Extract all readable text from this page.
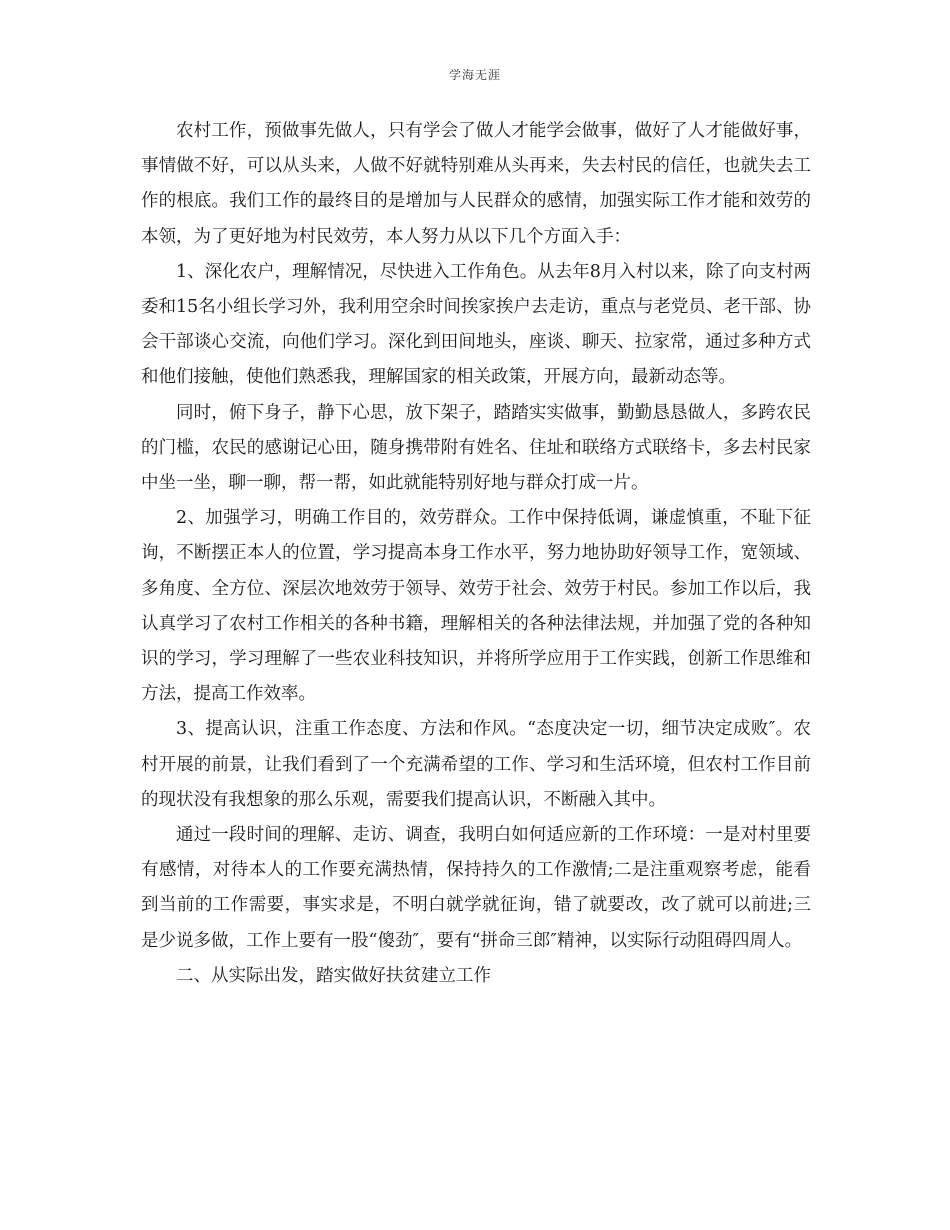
学海无涯

农村工作，预做事先做人，只有学会了做人才能学会做事，做好了人才能做好事，事情做不好，可以从头来，人做不好就特别难从头再来，失去村民的信任，也就失去工作的根底。我们工作的最终目的是增加与人民群众的感情，加强实际工作才能和效劳的本领，为了更好地为村民效劳，本人努力从以下几个方面入手：

1、深化农户，理解情况，尽快进入工作角色。从去年8月入村以来，除了向支村两委和15名小组长学习外，我利用空余时间挨家挨户去走访，重点与老党员、老干部、协会干部谈心交流，向他们学习。深化到田间地头，座谈、聊天、拉家常，通过多种方式和他们接触，使他们熟悉我，理解国家的相关政策，开展方向，最新动态等。

同时，俯下身子，静下心思，放下架子，踏踏实实做事，勤勤恳恳做人，多跨农民的门槛，农民的感谢记心田，随身携带附有姓名、住址和联络方式联络卡，多去村民家中坐一坐，聊一聊，帮一帮，如此就能特别好地与群众打成一片。

2、加强学习，明确工作目的，效劳群众。工作中保持低调，谦虚慎重，不耻下征询，不断摆正本人的位置，学习提高本身工作水平，努力地协助好领导工作，宽领域、多角度、全方位、深层次地效劳于领导、效劳于社会、效劳于村民。参加工作以后，我认真学习了农村工作相关的各种书籍，理解相关的各种法律法规，并加强了党的各种知识的学习，学习理解了一些农业科技知识，并将所学应用于工作实践，创新工作思维和方法，提高工作效率。

3、提高认识，注重工作态度、方法和作风。“态度决定一切，细节决定成败″。农村开展的前景，让我们看到了一个充满希望的工作、学习和生活环境，但农村工作目前的现状没有我想象的那么乐观，需要我们提高认识，不断融入其中。

通过一段时间的理解、走访、调查，我明白如何适应新的工作环境：一是对村里要有感情，对待本人的工作要充满热情，保持持久的工作激情;二是注重观察考虑，能看到当前的工作需要，事实求是，不明白就学就征询，错了就要改，改了就可以前进;三是少说多做，工作上要有一股“傻劲″，要有“拼命三郎″精神，以实际行动阻碍四周人。

二、从实际出发，踏实做好扶贫建立工作
